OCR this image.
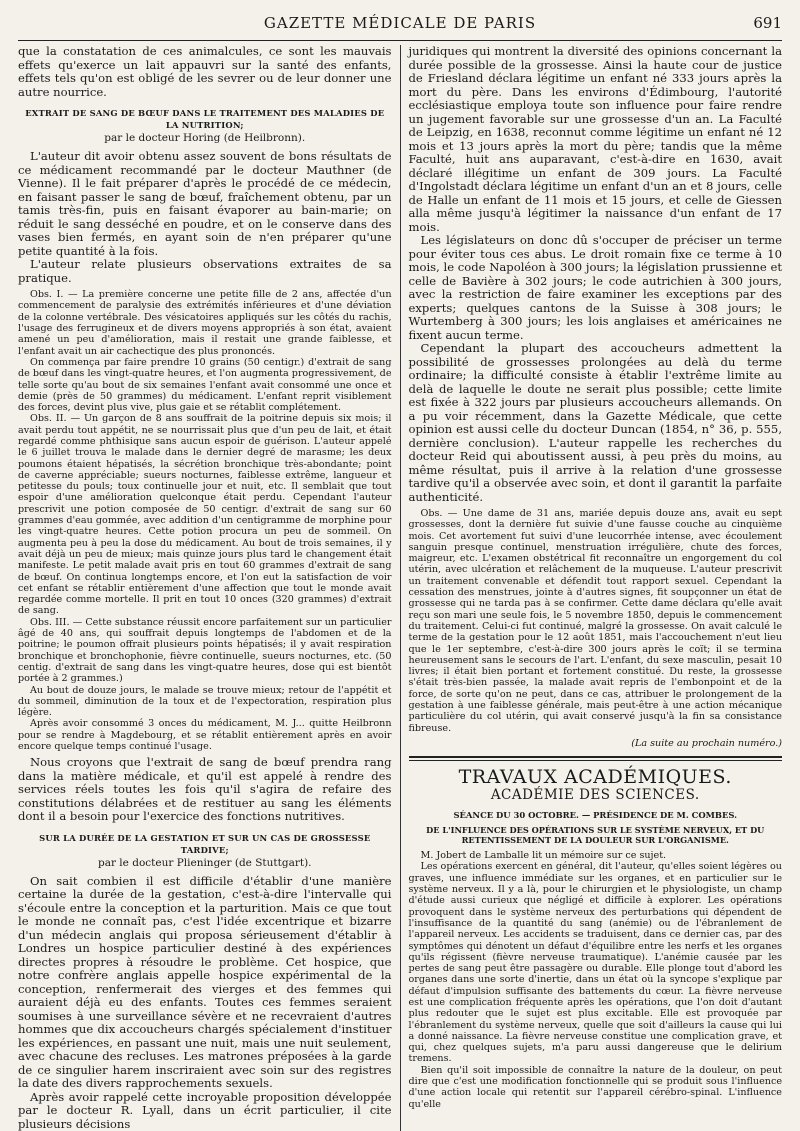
GAZETTE MÉDICALE DE PARIS	691

que la constatation de ces animalcules, ce sont les mauvais effets qu'exerce un lait appauvri sur la santé des enfants, effets tels qu'on est obligé de les sevrer ou de leur donner une autre nourrice.

EXTRAIT DE SANG DE BŒUF DANS LE TRAITEMENT DES MALADIES DE LA NUTRITION;

par le docteur Horing (de Heilbronn).

L'auteur dit avoir obtenu assez souvent de bons résultats de ce médicament recommandé par le docteur Mauthner (de Vienne). Il le fait préparer d'après le procédé de ce médecin, en faisant passer le sang de bœuf, fraîchement obtenu, par un tamis très-fin, puis en faisant évaporer au bain-marie; on réduit le sang desséché en poudre, et on le conserve dans des vases bien fermés, en ayant soin de n'en préparer qu'une petite quantité à la fois.

L'auteur relate plusieurs observations extraites de sa pratique.

Obs. I. — La première concerne une petite fille de 2 ans, affectée d'un commencement de paralysie des extrémités inférieures et d'une déviation de la colonne vertébrale. Des vésicatoires appliqués sur les côtés du rachis, l'usage des ferrugineux et de divers moyens appropriés à son état, avaient amené un peu d'amélioration, mais il restait une grande faiblesse, et l'enfant avait un air cachectique des plus prononcés.

On commença par faire prendre 10 grains (50 centigr.) d'extrait de sang de bœuf dans les vingt-quatre heures, et l'on augmenta progressivement, de telle sorte qu'au bout de six semaines l'enfant avait consommé une once et demie (près de 50 grammes) du médicament. L'enfant reprit visiblement des forces, devint plus vive, plus gaie et se rétablit complétement.

Obs. II. — Un garçon de 8 ans souffrait de la poitrine depuis six mois; il avait perdu tout appétit, ne se nourrissait plus que d'un peu de lait, et était regardé comme phthisique sans aucun espoir de guérison. L'auteur appelé le 6 juillet trouva le malade dans le dernier degré de marasme; les deux poumons étaient hépatisés, la sécrétion bronchique très-abondante; point de caverne appréciable; sueurs nocturnes, faiblesse extrême, langueur et petitesse du pouls; toux continuelle jour et nuit, etc. Il semblait que tout espoir d'une amélioration quelconque était perdu. Cependant l'auteur prescrivit une potion composée de 50 centigr. d'extrait de sang sur 60 grammes d'eau gommée, avec addition d'un centigramme de morphine pour les vingt-quatre heures. Cette potion procura un peu de sommeil. On augmenta peu à peu la dose du médicament. Au bout de trois semaines, il y avait déjà un peu de mieux; mais quinze jours plus tard le changement était manifeste. Le petit malade avait pris en tout 60 grammes d'extrait de sang de bœuf. On continua longtemps encore, et l'on eut la satisfaction de voir cet enfant se rétablir entièrement d'une affection que tout le monde avait regardée comme mortelle. Il prit en tout 10 onces (320 grammes) d'extrait de sang.

Obs. III. — Cette substance réussit encore parfaitement sur un particulier âgé de 40 ans, qui souffrait depuis longtemps de l'abdomen et de la poitrine; le poumon offrait plusieurs points hépatisés; il y avait respiration bronchique et bronchophonie, fièvre continuelle, sueurs nocturnes, etc. (50 centig. d'extrait de sang dans les vingt-quatre heures, dose qui est bientôt portée à 2 grammes.)

Au bout de douze jours, le malade se trouve mieux; retour de l'appétit et du sommeil, diminution de la toux et de l'expectoration, respiration plus légère.

Après avoir consommé 3 onces du médicament, M. J... quitte Heilbronn pour se rendre à Magdebourg, et se rétablit entièrement après en avoir encore quelque temps continué l'usage.

Nous croyons que l'extrait de sang de bœuf prendra rang dans la matière médicale, et qu'il est appelé à rendre des services réels toutes les fois qu'il s'agira de refaire des constitutions délabrées et de restituer au sang les éléments dont il a besoin pour l'exercice des fonctions nutritives.

SUR LA DURÉE DE LA GESTATION ET SUR UN CAS DE GROSSESSE TARDIVE;

par le docteur Plieninger (de Stuttgart).

On sait combien il est difficile d'établir d'une manière certaine la durée de la gestation, c'est-à-dire l'intervalle qui s'écoule entre la conception et la parturition. Mais ce que tout le monde ne connaît pas, c'est l'idée excentrique et bizarre d'un médecin anglais qui proposa sérieusement d'établir à Londres un hospice particulier destiné à des expériences directes propres à résoudre le problème. Cet hospice, que notre confrère anglais appelle hospice expérimental de la conception, renfermerait des vierges et des femmes qui auraient déjà eu des enfants. Toutes ces femmes seraient soumises à une surveillance sévère et ne recevraient d'autres hommes que dix accoucheurs chargés spécialement d'instituer les expériences, en passant une nuit, mais une nuit seulement, avec chacune des recluses. Les matrones préposées à la garde de ce singulier harem inscriraient avec soin sur des registres la date des divers rapprochements sexuels.

Après avoir rappelé cette incroyable proposition développée par le docteur R. Lyall, dans un écrit particulier, il cite plusieurs décisions

juridiques qui montrent la diversité des opinions concernant la durée possible de la grossesse. Ainsi la haute cour de justice de Friesland déclara légitime un enfant né 333 jours après la mort du père. Dans les environs d'Édimbourg, l'autorité ecclésiastique employa toute son influence pour faire rendre un jugement favorable sur une grossesse d'un an. La Faculté de Leipzig, en 1638, reconnut comme légitime un enfant né 12 mois et 13 jours après la mort du père; tandis que la même Faculté, huit ans auparavant, c'est-à-dire en 1630, avait déclaré illégitime un enfant de 309 jours. La Faculté d'Ingolstadt déclara légitime un enfant d'un an et 8 jours, celle de Halle un enfant de 11 mois et 15 jours, et celle de Giessen alla même jusqu'à légitimer la naissance d'un enfant de 17 mois.

Les législateurs on donc dû s'occuper de préciser un terme pour éviter tous ces abus. Le droit romain fixe ce terme à 10 mois, le code Napoléon à 300 jours; la législation prussienne et celle de Bavière à 302 jours; le code autrichien à 300 jours, avec la restriction de faire examiner les exceptions par des experts; quelques cantons de la Suisse à 308 jours; le Wurtemberg à 300 jours; les lois anglaises et américaines ne fixent aucun terme.

Cependant la plupart des accoucheurs admettent la possibilité de grossesses prolongées au delà du terme ordinaire; la difficulté consiste à établir l'extrême limite au delà de laquelle le doute ne serait plus possible; cette limite est fixée à 322 jours par plusieurs accoucheurs allemands. On a pu voir récemment, dans la Gazette Médicale, que cette opinion est aussi celle du docteur Duncan (1854, n° 36, p. 555, dernière conclusion). L'auteur rappelle les recherches du docteur Reid qui aboutissent aussi, à peu près du moins, au même résultat, puis il arrive à la relation d'une grossesse tardive qu'il a observée avec soin, et dont il garantit la parfaite authenticité.

Obs. — Une dame de 31 ans, mariée depuis douze ans, avait eu sept grossesses, dont la dernière fut suivie d'une fausse couche au cinquième mois. Cet avortement fut suivi d'une leucorrhée intense, avec écoulement sanguin presque continuel, menstruation irrégulière, chute des forces, maigreur, etc. L'examen obstétrical fit reconnaître un engorgement du col utérin, avec ulcération et relâchement de la muqueuse. L'auteur prescrivit un traitement convenable et défendit tout rapport sexuel. Cependant la cessation des menstrues, jointe à d'autres signes, fit soupçonner un état de grossesse qui ne tarda pas à se confirmer. Cette dame déclara qu'elle avait reçu son mari une seule fois, le 5 novembre 1850, depuis le commencement du traitement. Celui-ci fut continué, malgré la grossesse. On avait calculé le terme de la gestation pour le 12 août 1851, mais l'accouchement n'eut lieu que le 1er septembre, c'est-à-dire 300 jours après le coït; il se termina heureusement sans le secours de l'art. L'enfant, du sexe masculin, pesait 10 livres; il était bien portant et fortement constitué. Du reste, la grossesse s'était très-bien passée, la malade avait repris de l'embonpoint et de la force, de sorte qu'on ne peut, dans ce cas, attribuer le prolongement de la gestation à une faiblesse générale, mais peut-être à une action mécanique particulière du col utérin, qui avait conservé jusqu'à la fin sa consistance fibreuse.

(La suite au prochain numéro.)

TRAVAUX ACADÉMIQUES.

ACADÉMIE DES SCIENCES.

SÉANCE DU 30 OCTOBRE. — PRÉSIDENCE DE M. COMBES.

DE L'INFLUENCE DES OPÉRATIONS SUR LE SYSTÈME NERVEUX, ET DU RETENTISSEMENT DE LA DOULEUR SUR L'ORGANISME.

M. Jobert de Lamballe lit un mémoire sur ce sujet.

Les opérations exercent en général, dit l'auteur, qu'elles soient légères ou graves, une influence immédiate sur les organes, et en particulier sur le système nerveux. Il y a là, pour le chirurgien et le physiologiste, un champ d'étude aussi curieux que négligé et difficile à explorer. Les opérations provoquent dans le système nerveux des perturbations qui dépendent de l'insuffisance de la quantité du sang (anémie) ou de l'ébranlement de l'appareil nerveux. Les accidents se traduisent, dans ce dernier cas, par des symptômes qui dénotent un défaut d'équilibre entre les nerfs et les organes qu'ils régissent (fièvre nerveuse traumatique). L'anémie causée par les pertes de sang peut être passagère ou durable. Elle plonge tout d'abord les organes dans une sorte d'inertie, dans un état où la syncope s'explique par défaut d'impulsion suffisante des battements du cœur. La fièvre nerveuse est une complication fréquente après les opérations, que l'on doit d'autant plus redouter que le sujet est plus excitable. Elle est provoquée par l'ébranlement du système nerveux, quelle que soit d'ailleurs la cause qui lui a donné naissance. La fièvre nerveuse constitue une complication grave, et qui, chez quelques sujets, m'a paru aussi dangereuse que le delirium tremens.

Bien qu'il soit impossible de connaître la nature de la douleur, on peut dire que c'est une modification fonctionnelle qui se produit sous l'influence d'une action locale qui retentit sur l'appareil cérébro-spinal. L'influence qu'elle
